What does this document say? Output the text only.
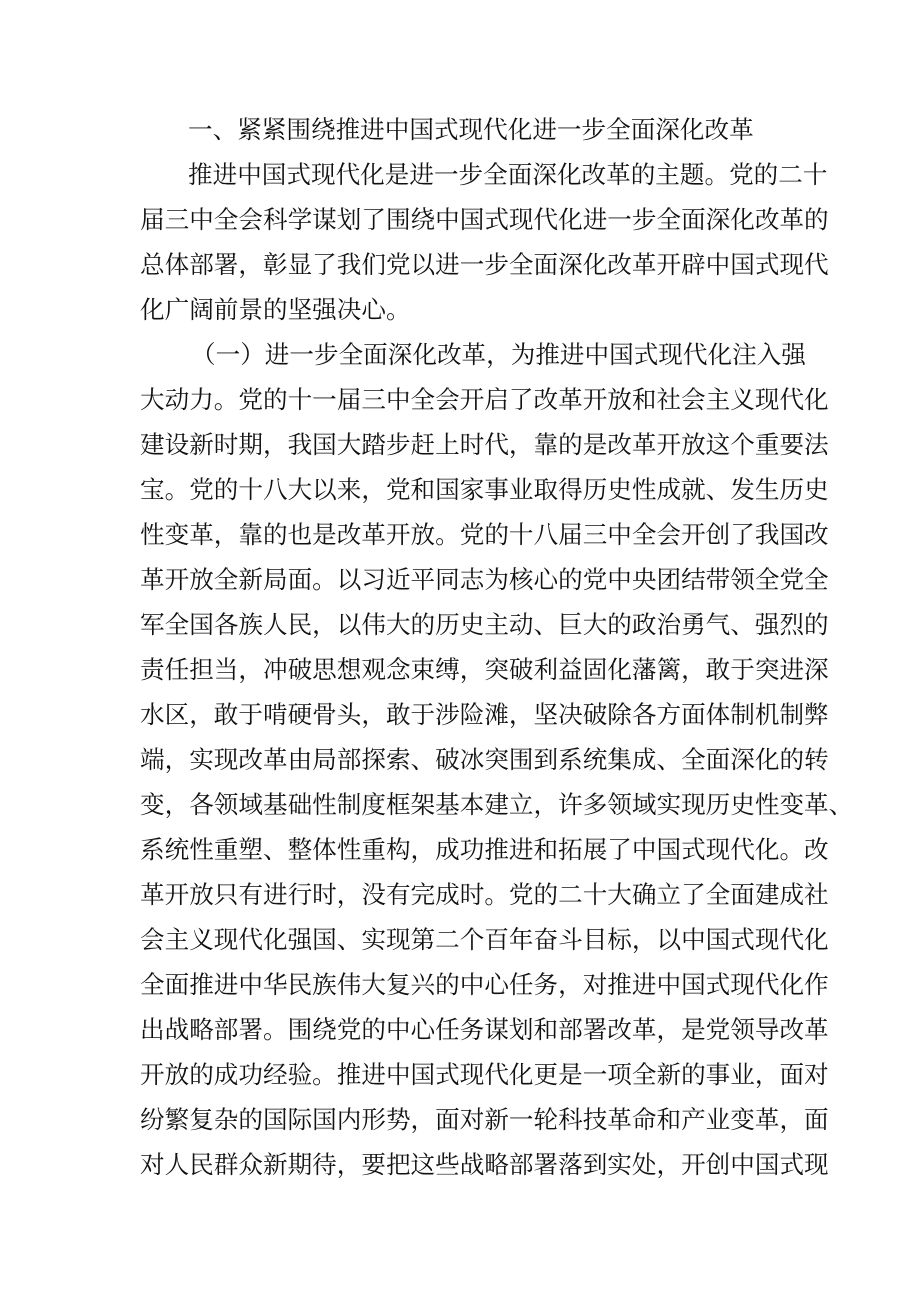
一、紧紧围绕推进中国式现代化进一步全面深化改革
推进中国式现代化是进一步全面深化改革的主题。党的二十
届三中全会科学谋划了围绕中国式现代化进一步全面深化改革的
总体部署，彰显了我们党以进一步全面深化改革开辟中国式现代
化广阔前景的坚强决心。
（一）进一步全面深化改革，为推进中国式现代化注入强
大动力。党的十一届三中全会开启了改革开放和社会主义现代化
建设新时期，我国大踏步赶上时代，靠的是改革开放这个重要法
宝。党的十八大以来，党和国家事业取得历史性成就、发生历史
性变革，靠的也是改革开放。党的十八届三中全会开创了我国改
革开放全新局面。以习近平同志为核心的党中央团结带领全党全
军全国各族人民，以伟大的历史主动、巨大的政治勇气、强烈的
责任担当，冲破思想观念束缚，突破利益固化藩篱，敢于突进深
水区，敢于啃硬骨头，敢于涉险滩，坚决破除各方面体制机制弊
端，实现改革由局部探索、破冰突围到系统集成、全面深化的转
变，各领域基础性制度框架基本建立，许多领域实现历史性变革、
系统性重塑、整体性重构，成功推进和拓展了中国式现代化。改
革开放只有进行时，没有完成时。党的二十大确立了全面建成社
会主义现代化强国、实现第二个百年奋斗目标，以中国式现代化
全面推进中华民族伟大复兴的中心任务，对推进中国式现代化作
出战略部署。围绕党的中心任务谋划和部署改革，是党领导改革
开放的成功经验。推进中国式现代化更是一项全新的事业，面对
纷繁复杂的国际国内形势，面对新一轮科技革命和产业变革，面
对人民群众新期待，要把这些战略部署落到实处，开创中国式现
